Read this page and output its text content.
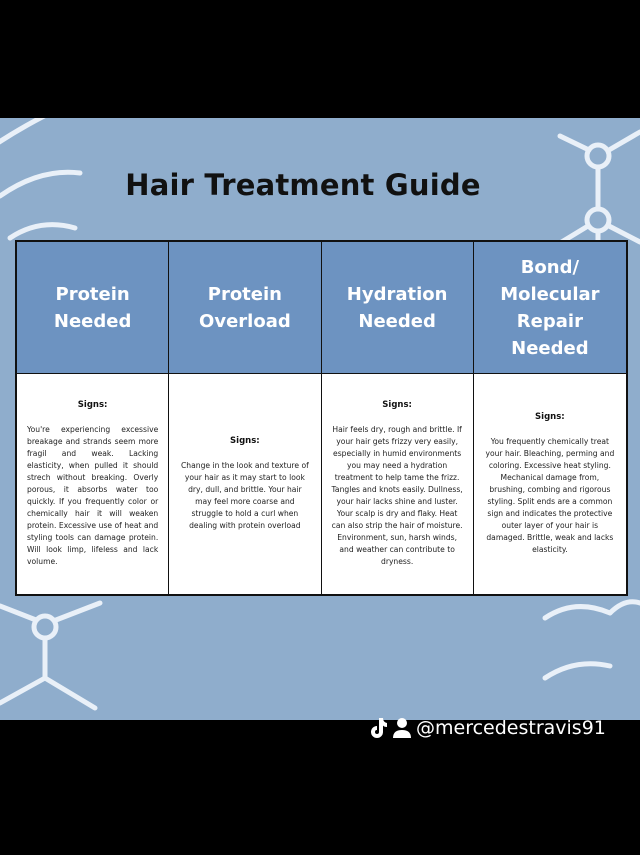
Hair Treatment Guide
Protein
Needed
Protein
Overload
Hydration
Needed
Bond/
Molecular
Repair
Needed
Signs:
You're experiencing excessive breakage and strands seem more fragil and weak. Lacking elasticity, when pulled it should strech without breaking. Overly porous, it absorbs water too quickly. If you frequently color or chemically hair it will weaken protein. Excessive use of heat and styling tools can damage protein. Will look limp, lifeless and lack volume.
Signs:
Change in the look and texture of your hair as it may start to look dry, dull, and brittle. Your hair may feel more coarse and struggle to hold a curl when dealing with protein overload
Signs:
Hair feels dry, rough and brittle. If your hair gets frizzy very easily, especially in humid environments you may need a hydration treatment to help tame the frizz. Tangles and knots easily. Dullness, your hair lacks shine and luster. Your scalp is dry and flaky. Heat can also strip the hair of moisture. Environment, sun, harsh winds, and weather can contribute to dryness.
Signs:
You frequently chemically treat your hair. Bleaching, perming and coloring. Excessive heat styling. Mechanical damage from, brushing, combing and rigorous styling. Split ends are a common sign and indicates the protective outer layer of your hair is damaged. Brittle, weak and lacks elasticity.
@mercedestravis91
